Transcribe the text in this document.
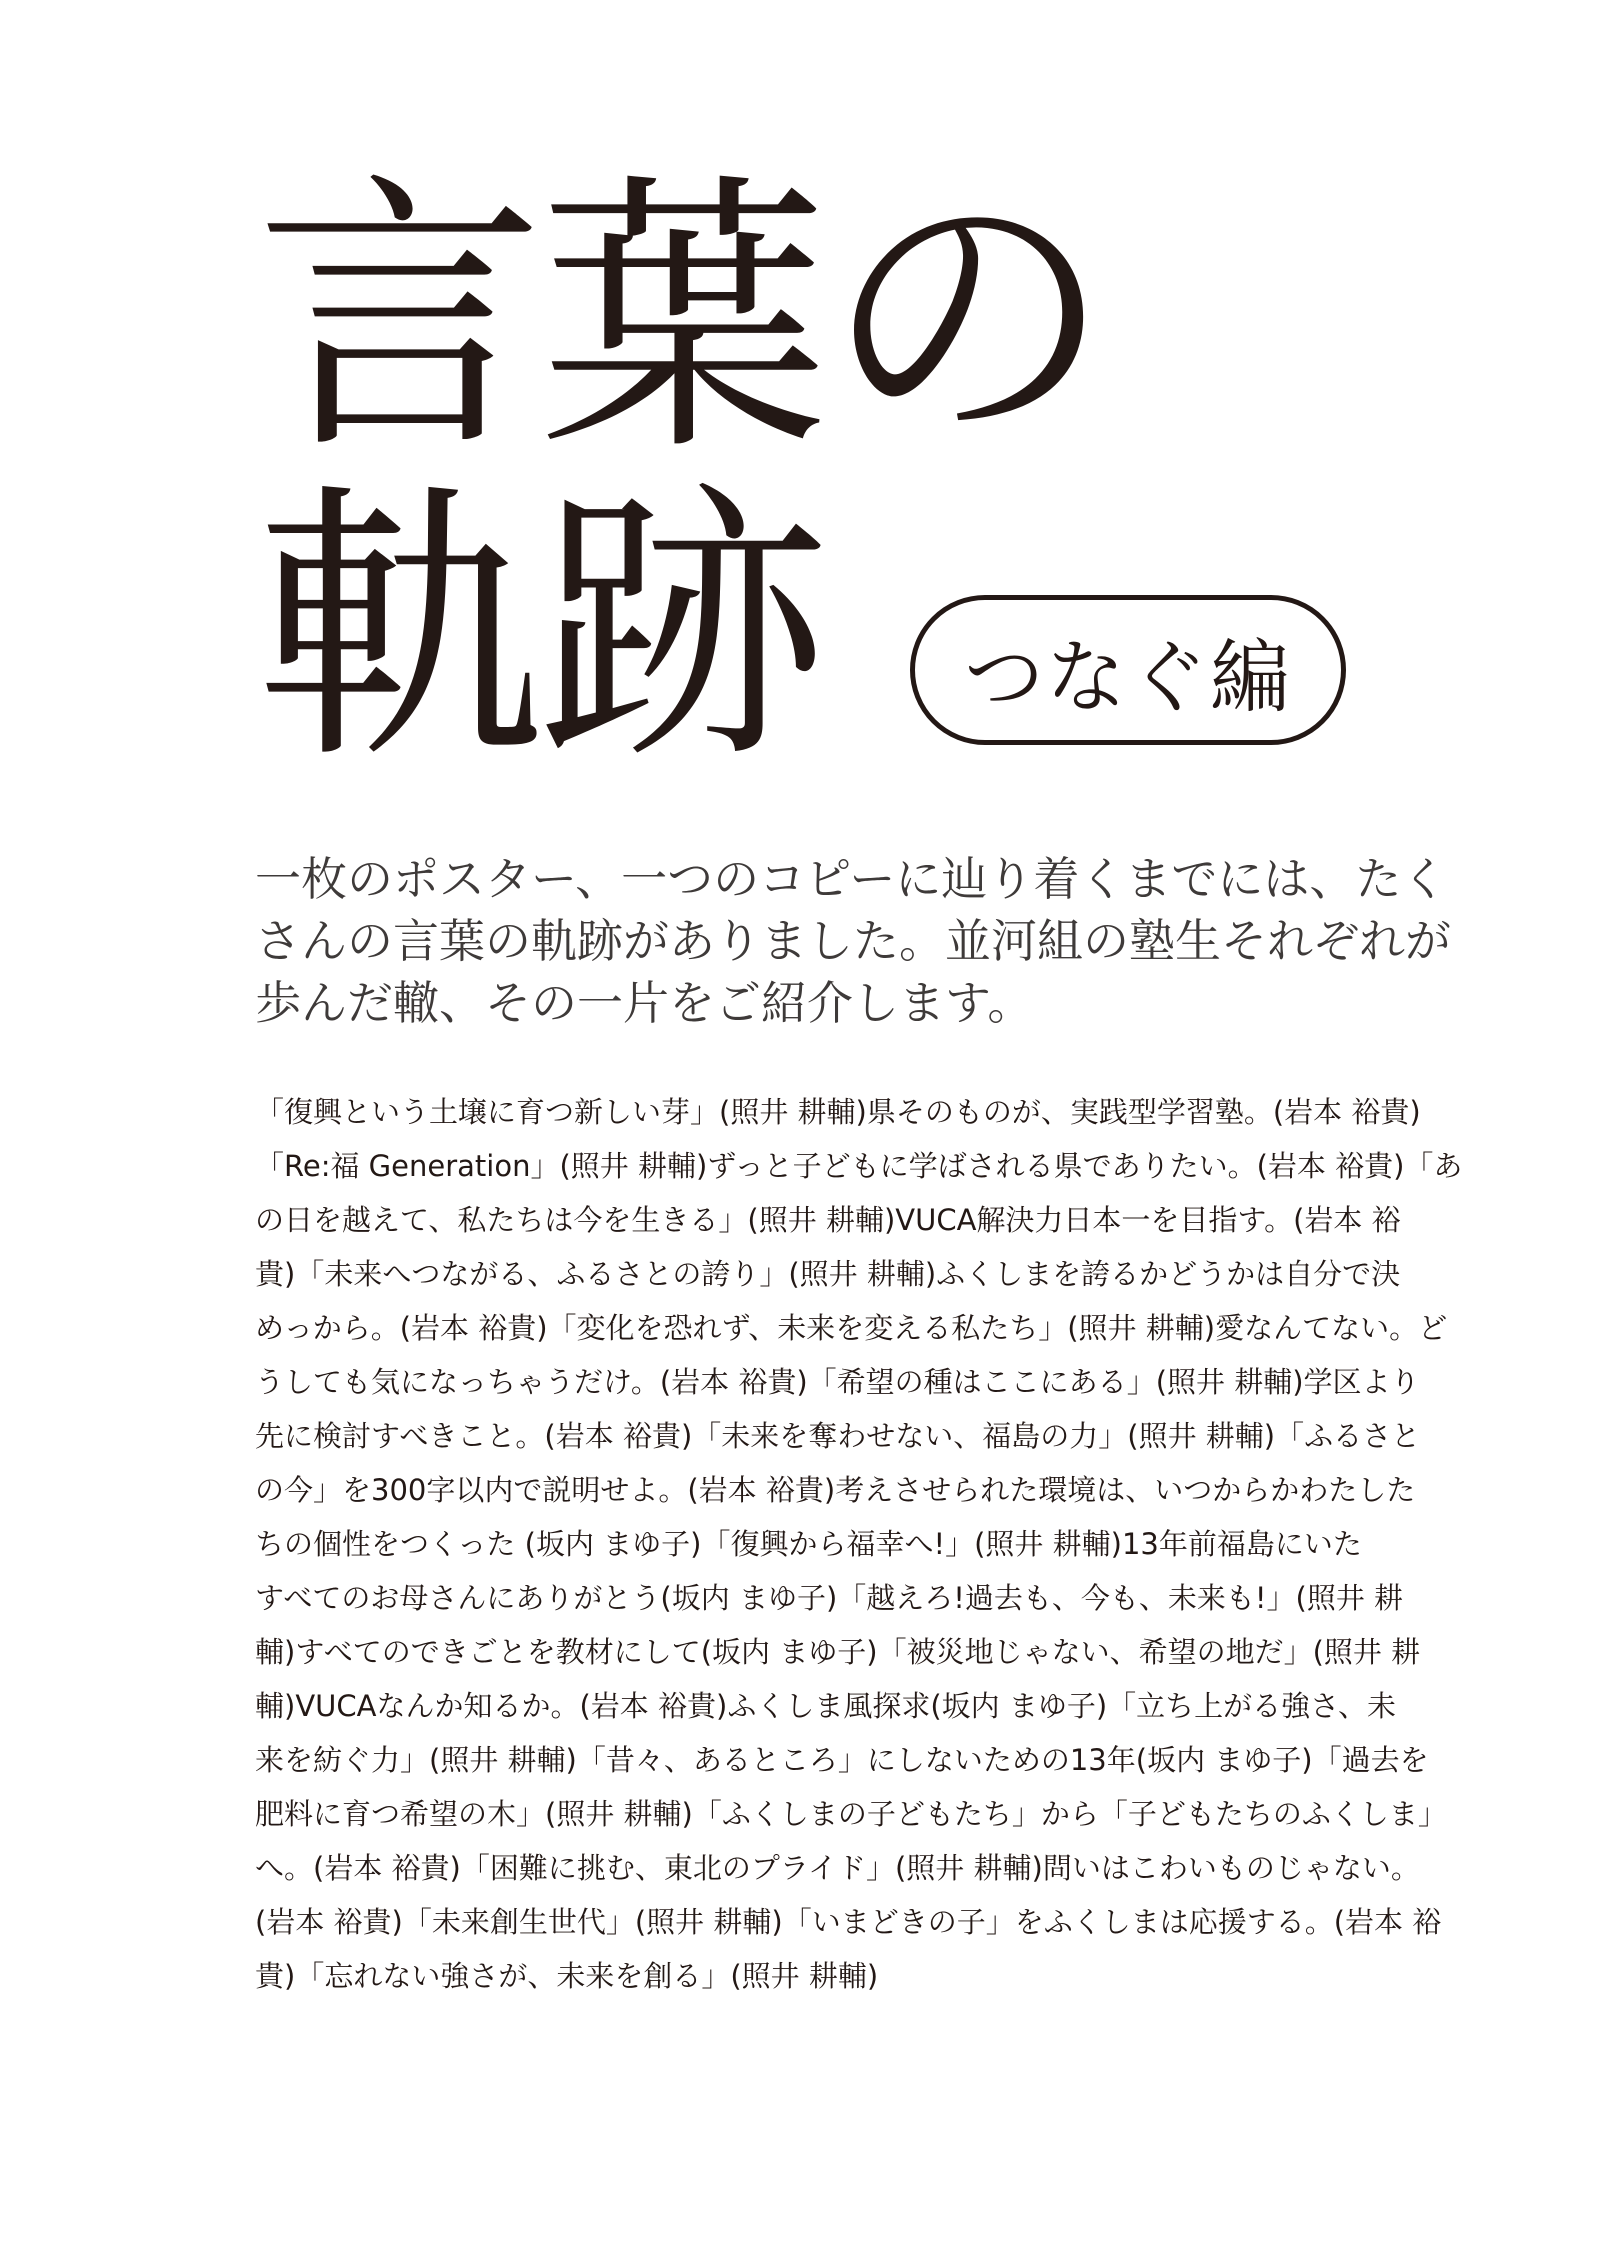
言葉の
軌跡	つなぐ編

一枚のポスター、一つのコピーに辿り着くまでには、たく
さんの言葉の軌跡がありました。並河組の塾生それぞれが
歩んだ轍、その一片をご紹介します。

「復興という土壌に育つ新しい芽」(照井 耕輔)県そのものが、実践型学習塾。(岩本 裕貴)
「Re:福 Generation」(照井 耕輔)ずっと子どもに学ばされる県でありたい。(岩本 裕貴)「あ
の日を越えて、私たちは今を生きる」(照井 耕輔)VUCA解決力日本一を目指す。(岩本 裕
貴)「未来へつながる、ふるさとの誇り」(照井 耕輔)ふくしまを誇るかどうかは自分で決
めっから。(岩本 裕貴)「変化を恐れず、未来を変える私たち」(照井 耕輔)愛なんてない。ど
うしても気になっちゃうだけ。(岩本 裕貴)「希望の種はここにある」(照井 耕輔)学区より
先に検討すべきこと。(岩本 裕貴)「未来を奪わせない、福島の力」(照井 耕輔)「ふるさと
の今」を300字以内で説明せよ。(岩本 裕貴)考えさせられた環境は、いつからかわたした
ちの個性をつくった (坂内 まゆ子)「復興から福幸へ!」(照井 耕輔)13年前福島にいた
すべてのお母さんにありがとう(坂内 まゆ子)「越えろ!過去も、今も、未来も!」(照井 耕
輔)すべてのできごとを教材にして(坂内 まゆ子)「被災地じゃない、希望の地だ」(照井 耕
輔)VUCAなんか知るか。(岩本 裕貴)ふくしま風探求(坂内 まゆ子)「立ち上がる強さ、未
来を紡ぐ力」(照井 耕輔)「昔々、あるところ」にしないための13年(坂内 まゆ子)「過去を
肥料に育つ希望の木」(照井 耕輔)「ふくしまの子どもたち」から「子どもたちのふくしま」
へ。(岩本 裕貴)「困難に挑む、東北のプライド」(照井 耕輔)問いはこわいものじゃない。
(岩本 裕貴)「未来創生世代」(照井 耕輔)「いまどきの子」をふくしまは応援する。(岩本 裕
貴)「忘れない強さが、未来を創る」(照井 耕輔)
